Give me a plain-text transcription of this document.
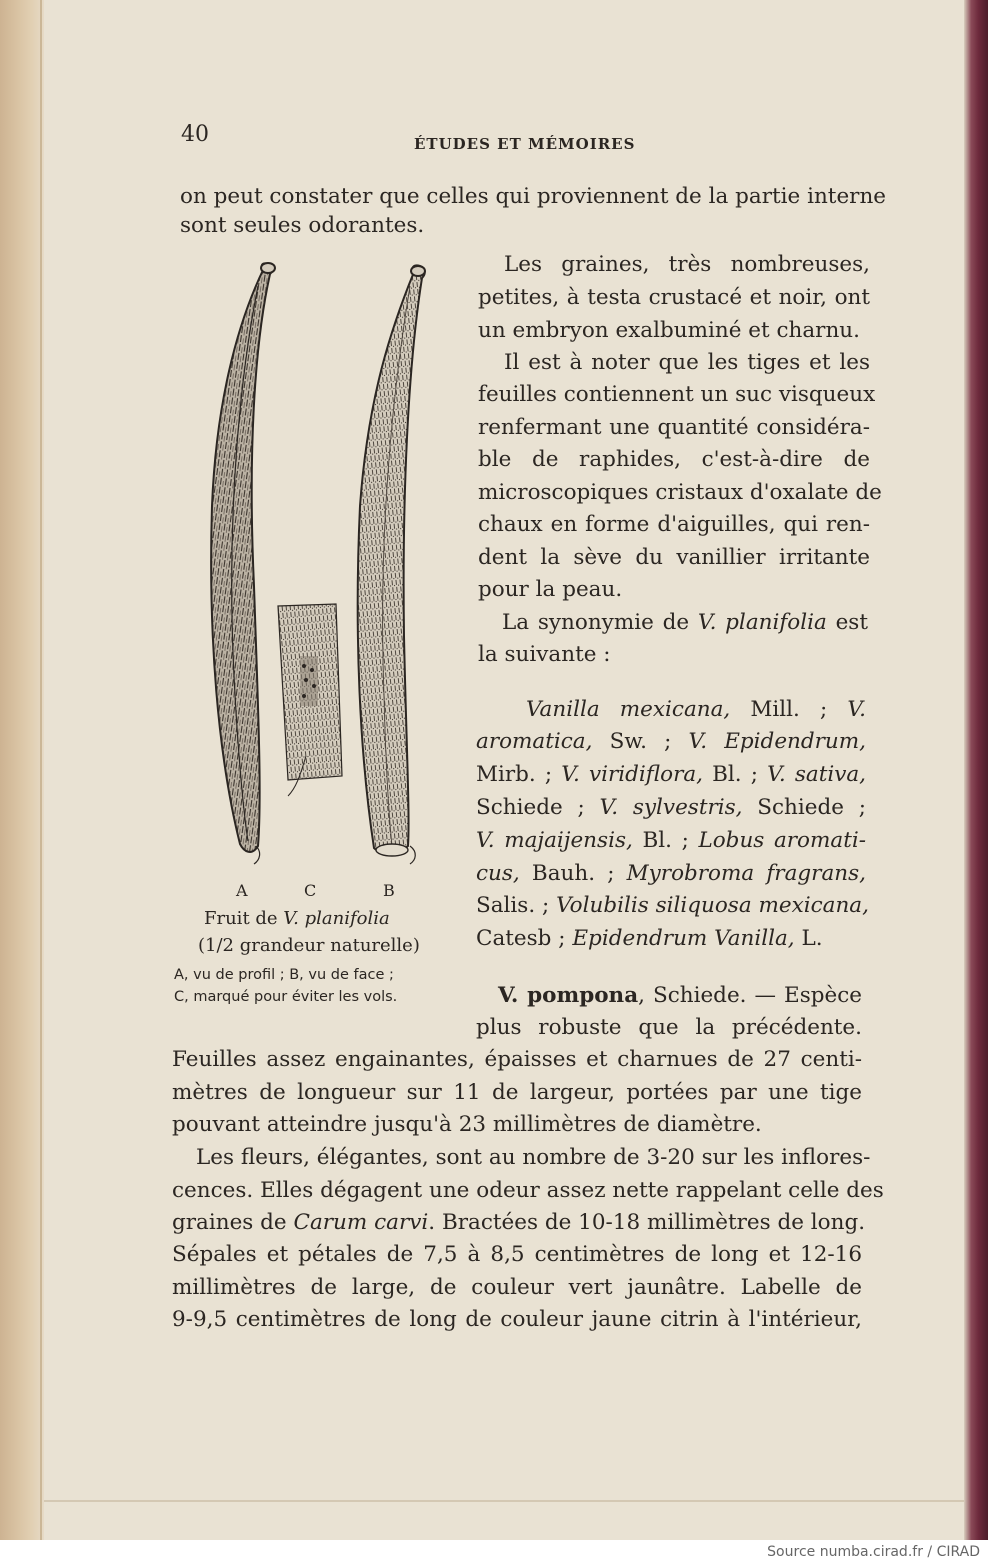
40	ÉTUDES ET MÉMOIRES
on peut constater que celles qui proviennent de la partie interne
sont seules odorantes.
A	C	B
Fruit de V. planifolia
(1/2 grandeur naturelle)
A, vu de profil ; B, vu de face ;
C, marqué pour éviter les vols.
Les graines, très nombreuses,
petites, à testa crustacé et noir, ont
un embryon exalbuminé et charnu.
Il est à noter que les tiges et les
feuilles contiennent un suc visqueux
renfermant une quantité considéra-
ble de raphides, c'est-à-dire de
microscopiques cristaux d'oxalate de
chaux en forme d'aiguilles, qui ren-
dent la sève du vanillier irritante
pour la peau.
La synonymie de V. planifolia est
la suivante :
Vanilla mexicana, Mill. ; V.
aromatica, Sw. ; V. Epidendrum,
Mirb. ; V. viridiflora, Bl. ; V. sativa,
Schiede ; V. sylvestris, Schiede ;
V. majaijensis, Bl. ; Lobus aromati-
cus, Bauh. ; Myrobroma fragrans,
Salis. ; Volubilis siliquosa mexicana,
Catesb ; Epidendrum Vanilla, L.
V. pompona, Schiede. — Espèce
plus robuste que la précédente.
Feuilles assez engainantes, épaisses et charnues de 27 centi-
mètres de longueur sur 11 de largeur, portées par une tige
pouvant atteindre jusqu'à 23 millimètres de diamètre.
Les fleurs, élégantes, sont au nombre de 3-20 sur les inflores-
cences. Elles dégagent une odeur assez nette rappelant celle des
graines de Carum carvi. Bractées de 10-18 millimètres de long.
Sépales et pétales de 7,5 à 8,5 centimètres de long et 12-16
millimètres de large, de couleur vert jaunâtre. Labelle de
9-9,5 centimètres de long de couleur jaune citrin à l'intérieur,
Source numba.cirad.fr / CIRAD
